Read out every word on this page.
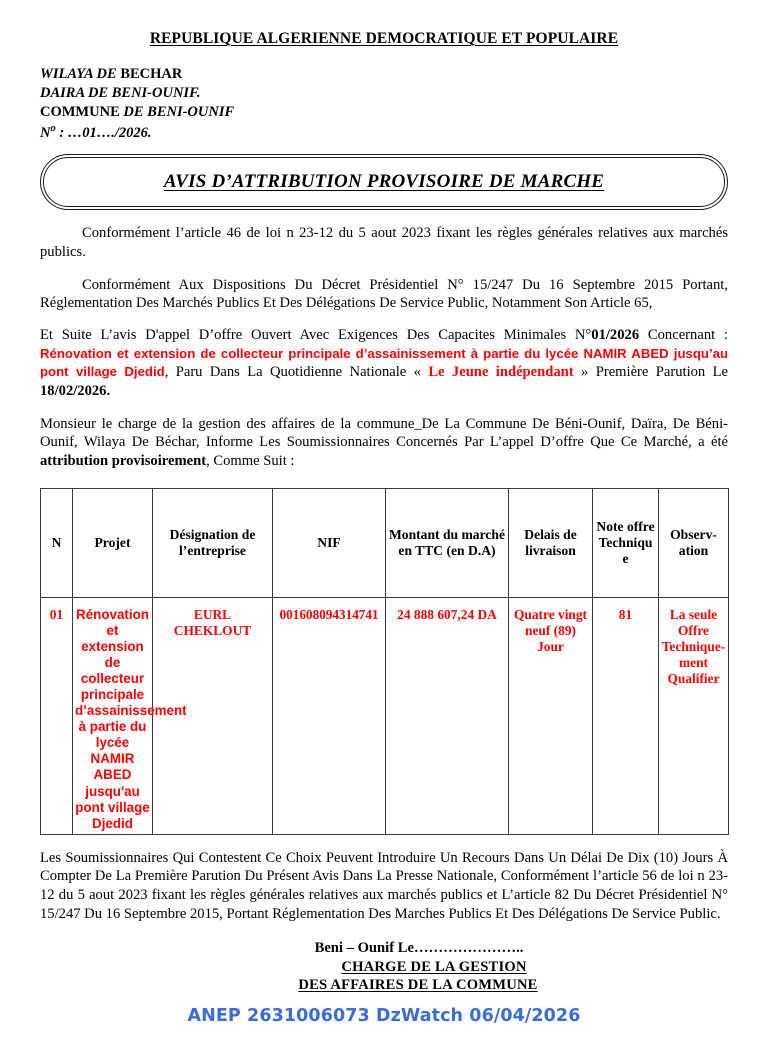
REPUBLIQUE ALGERIENNE DEMOCRATIQUE ET POPULAIRE
WILAYA DE BECHAR
DAIRA DE BENI-OUNIF.
COMMUNE DE BENI-OUNIF
$N^o$ : …01…./2026.
AVIS D’ATTRIBUTION PROVISOIRE DE MARCHE

Conformément l’article 46 de loi n 23-12 du 5 aout 2023 fixant les règles générales relatives aux marchés publics.

Conformément Aux Dispositions Du Décret Présidentiel N° 15/247 Du 16 Septembre 2015 Portant, Réglementation Des Marchés Publics Et Des Délégations De Service Public, Notamment Son Article 65,

Et Suite L’avis D'appel D’offre Ouvert Avec Exigences Des Capacites Minimales N°01/2026 Concernant : Rénovation et extension de collecteur principale d’assainissement à partie du lycée NAMIR ABED jusqu’au pont village Djedid, Paru Dans La Quotidienne Nationale « Le Jeune indépendant » Première Parution Le 18/02/2026.

Monsieur le charge de la gestion des affaires de la commune_De La Commune De Béni-Ounif, Daïra, De Béni-Ounif, Wilaya De Béchar, Informe Les Soumissionnaires Concernés Par L’appel D’offre Que Ce Marché, a été attribution provisoirement, Comme Suit :

N	Projet	Désignation de l’entreprise	NIF	Montant du marché en TTC (en D.A)	Delais de livraison	Note offre Techniqu e	Observ- ation
01	Rénovation et extension de collecteur principale d’assainissement à partie du lycée NAMIR ABED jusqu'au pont village Djedid	EURL CHEKLOUT	001608094314741	24 888 607,24 DA	Quatre vingt neuf (89) Jour	81	La seule Offre Technique-ment Qualifier

Les Soumissionnaires Qui Contestent Ce Choix Peuvent Introduire Un Recours Dans Un Délai De Dix (10) Jours À Compter De La Première Parution Du Présent Avis Dans La Presse Nationale, Conformément l’article 56 de loi n 23-12 du 5 aout 2023 fixant les règles générales relatives aux marchés publics et L’article 82 Du Décret Présidentiel N° 15/247 Du 16 Septembre 2015, Portant Réglementation Des Marches Publics Et Des Délégations De Service Public.

Beni – Ounif Le…………………..
CHARGE DE LA GESTION
DES AFFAIRES DE LA COMMUNE
ANEP 2631006073 DzWatch 06/04/2026
